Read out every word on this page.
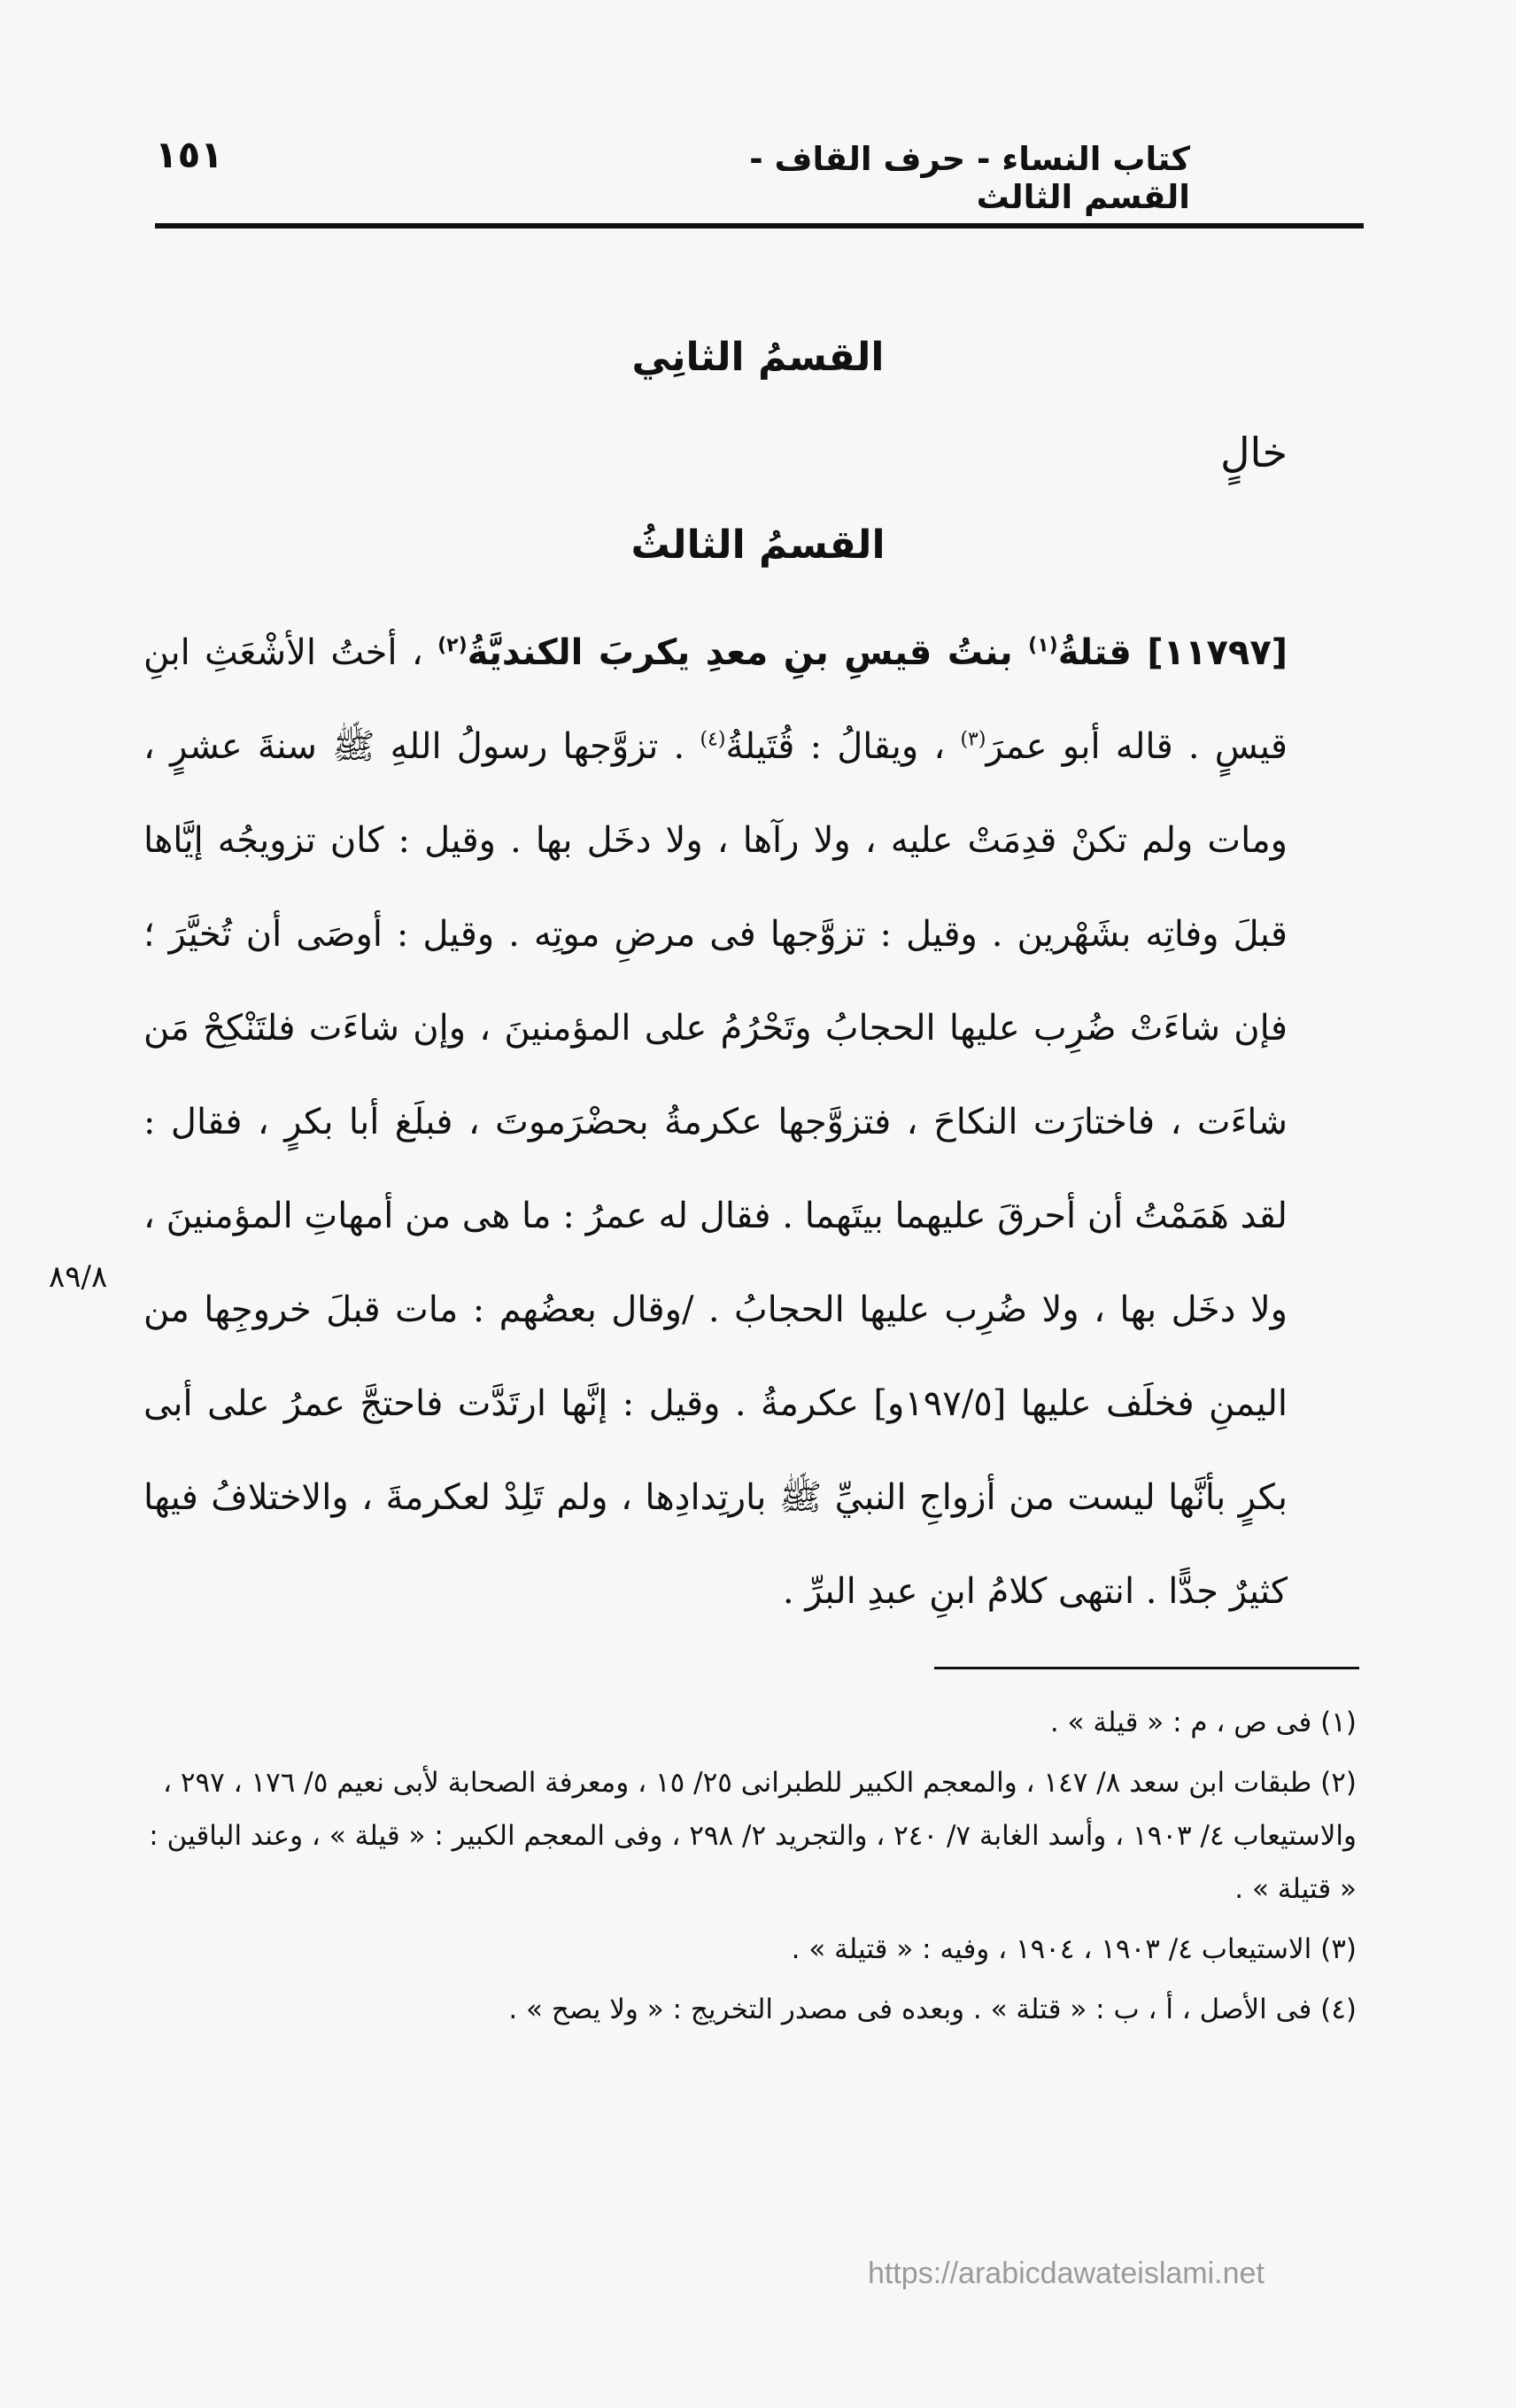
كتاب النساء - حرف القاف - القسم الثالث
١٥١
القسمُ الثانِي
خالٍ
القسمُ الثالثُ

[١١٧٩٧] قتلةُ$^{(١)}$ بنتُ قيسِ بنِ معدِ يكربَ الكنديَّةُ$^{(٢)}$ ، أختُ الأشْعَثِ ابنِ قيسٍ . قاله أبو عمرَ$^{(٣)}$ ، ويقالُ : قُتَيلةُ$^{(٤)}$ . تزوَّجها رسولُ اللهِ ﷺ سنةَ عشرٍ ، ومات ولم تكنْ قدِمَتْ عليه ، ولا رآها ، ولا دخَل بها . وقيل : كان تزويجُه إيَّاها قبلَ وفاتِه بشَهْرين . وقيل : تزوَّجها فى مرضِ موتِه . وقيل : أوصَى أن تُخيَّرَ ؛ فإن شاءَتْ ضُرِب عليها الحجابُ وتَحْرُمُ على المؤمنينَ ، وإن شاءَت فلتَنْكِحْ مَن شاءَت ، فاختارَت النكاحَ ، فتزوَّجها عكرمةُ بحضْرَموتَ ، فبلَغ أبا بكرٍ ، فقال : لقد هَمَمْتُ أن أحرقَ عليهما بيتَهما . فقال له عمرُ : ما هى من أمهاتِ المؤمنينَ ، ولا دخَل بها ، ولا ضُرِب عليها الحجابُ . /وقال بعضُهم : مات قبلَ خروجِها من اليمنِ فخلَف عليها [١٩٧/٥و] عكرمةُ . وقيل : إنَّها ارتَدَّت فاحتجَّ عمرُ على أبى بكرٍ بأنَّها ليست من أزواجِ النبيِّ ﷺ بارتِدادِها ، ولم تَلِدْ لعكرمةَ ، والاختلافُ فيها كثيرٌ جدًّا . انتهى كلامُ ابنِ عبدِ البرِّ .

٨٩/٨

(١) فى ص ، م : « قيلة » .

(٢) طبقات ابن سعد ٨/ ١٤٧ ، والمعجم الكبير للطبرانى ٢٥/ ١٥ ، ومعرفة الصحابة لأبى نعيم ٥/ ١٧٦ ، ٢٩٧ ، والاستيعاب ٤/ ١٩٠٣ ، وأسد الغابة ٧/ ٢٤٠ ، والتجريد ٢/ ٢٩٨ ، وفى المعجم الكبير : « قيلة » ، وعند الباقين : « قتيلة » .

(٣) الاستيعاب ٤/ ١٩٠٣ ، ١٩٠٤ ، وفيه : « قتيلة » .

(٤) فى الأصل ، أ ، ب : « قتلة » . وبعده فى مصدر التخريج : « ولا يصح » .

https://arabicdawateislami.net
